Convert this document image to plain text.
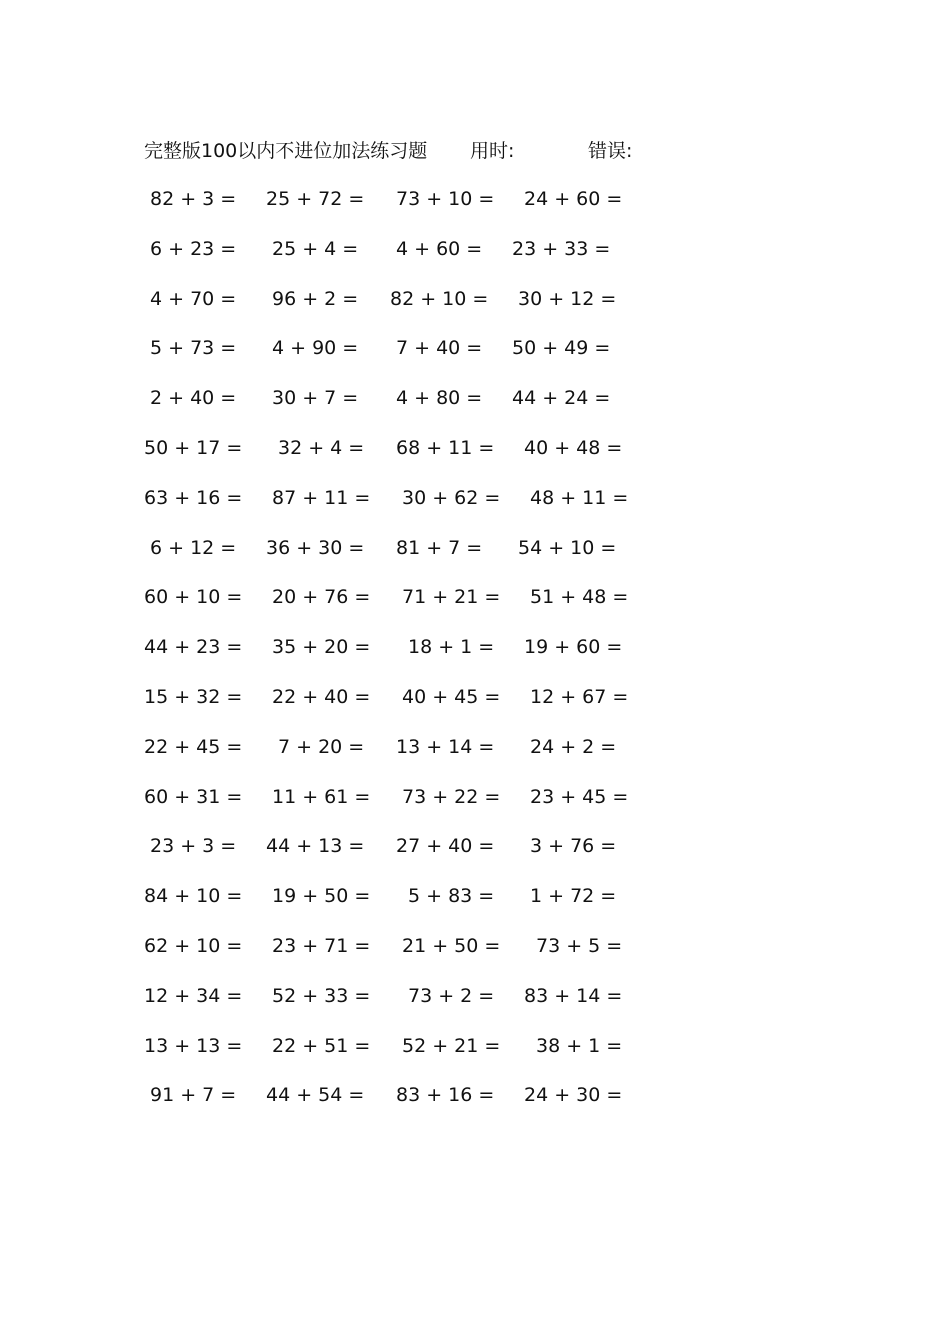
完整版100以内不进位加法练习题 用时:	错误:
82 + 3 = 25 + 72 = 73 + 10 = 24 + 60 =
6 + 23 = 25 + 4 = 4 + 60 = 23 + 33 =
4 + 70 = 96 + 2 = 82 + 10 = 30 + 12 =
5 + 73 = 4 + 90 = 7 + 40 = 50 + 49 =
2 + 40 = 30 + 7 = 4 + 80 = 44 + 24 =
50 + 17 = 32 + 4 = 68 + 11 = 40 + 48 =
63 + 16 = 87 + 11 = 30 + 62 = 48 + 11 =
6 + 12 = 36 + 30 = 81 + 7 = 54 + 10 =
60 + 10 = 20 + 76 = 71 + 21 = 51 + 48 =
44 + 23 = 35 + 20 = 18 + 1 = 19 + 60 =
15 + 32 = 22 + 40 = 40 + 45 = 12 + 67 =
22 + 45 = 7 + 20 = 13 + 14 = 24 + 2 =
60 + 31 = 11 + 61 = 73 + 22 = 23 + 45 =
23 + 3 = 44 + 13 = 27 + 40 = 3 + 76 =
84 + 10 = 19 + 50 = 5 + 83 = 1 + 72 =
62 + 10 = 23 + 71 = 21 + 50 = 73 + 5 =
12 + 34 = 52 + 33 = 73 + 2 = 83 + 14 =
13 + 13 = 22 + 51 = 52 + 21 = 38 + 1 =
91 + 7 = 44 + 54 = 83 + 16 = 24 + 30 =
